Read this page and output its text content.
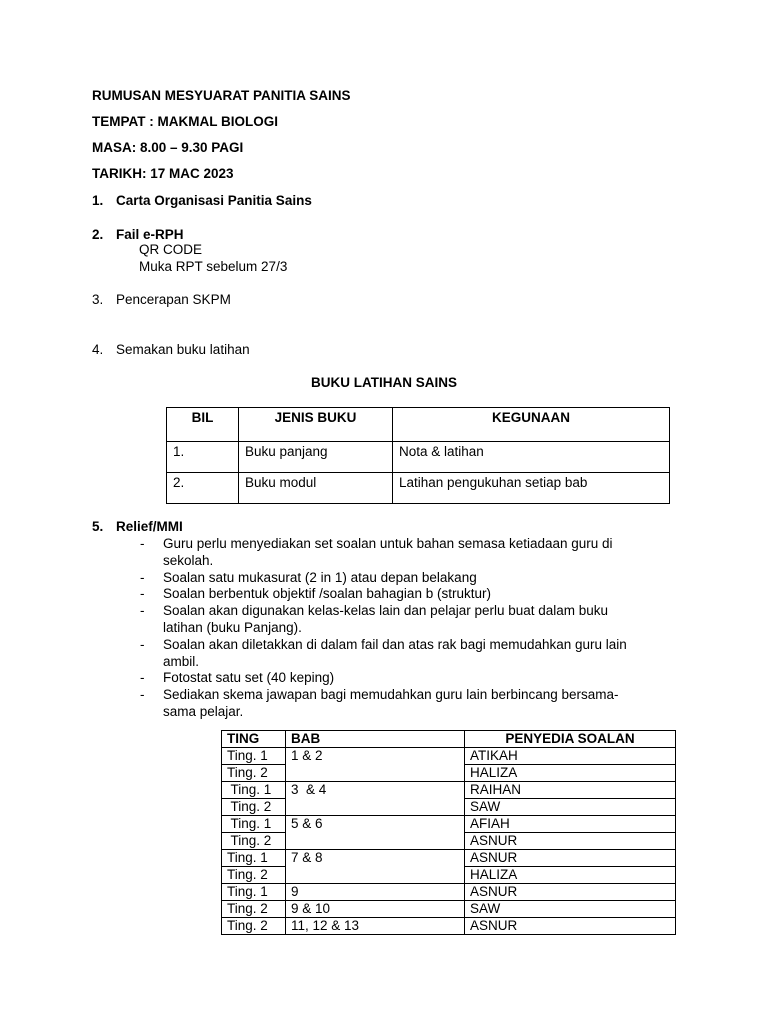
RUMUSAN MESYUARAT PANITIA SAINS
TEMPAT : MAKMAL BIOLOGI
MASA: 8.00 – 9.30 PAGI
TARIKH: 17 MAC 2023
1. Carta Organisasi Panitia Sains
2. Fail e-RPH
QR CODE
Muka RPT sebelum 27/3
3. Pencerapan SKPM
4. Semakan buku latihan
BUKU LATIHAN SAINS
BIL	JENIS BUKU	KEGUNAAN
1.	Buku panjang	Nota & latihan
2.	Buku modul	Latihan pengukuhan setiap bab
5. Relief/MMI
- Guru perlu menyediakan set soalan untuk bahan semasa ketiadaan guru di
sekolah.
- Soalan satu mukasurat (2 in 1) atau depan belakang
- Soalan berbentuk objektif /soalan bahagian b (struktur)
- Soalan akan digunakan kelas-kelas lain dan pelajar perlu buat dalam buku
latihan (buku Panjang).
- Soalan akan diletakkan di dalam fail dan atas rak bagi memudahkan guru lain
ambil.
- Fotostat satu set (40 keping)
- Sediakan skema jawapan bagi memudahkan guru lain berbincang bersama-
sama pelajar.
TING	BAB	PENYEDIA SOALAN
Ting. 1	1 & 2	ATIKAH
Ting. 2		HALIZA
Ting. 1	3  & 4	RAIHAN
Ting. 2		SAW
Ting. 1	5 & 6	AFIAH
Ting. 2		ASNUR
Ting. 1	7 & 8	ASNUR
Ting. 2		HALIZA
Ting. 1	9	ASNUR
Ting. 2	9 & 10	SAW
Ting. 2	11, 12 & 13	ASNUR
